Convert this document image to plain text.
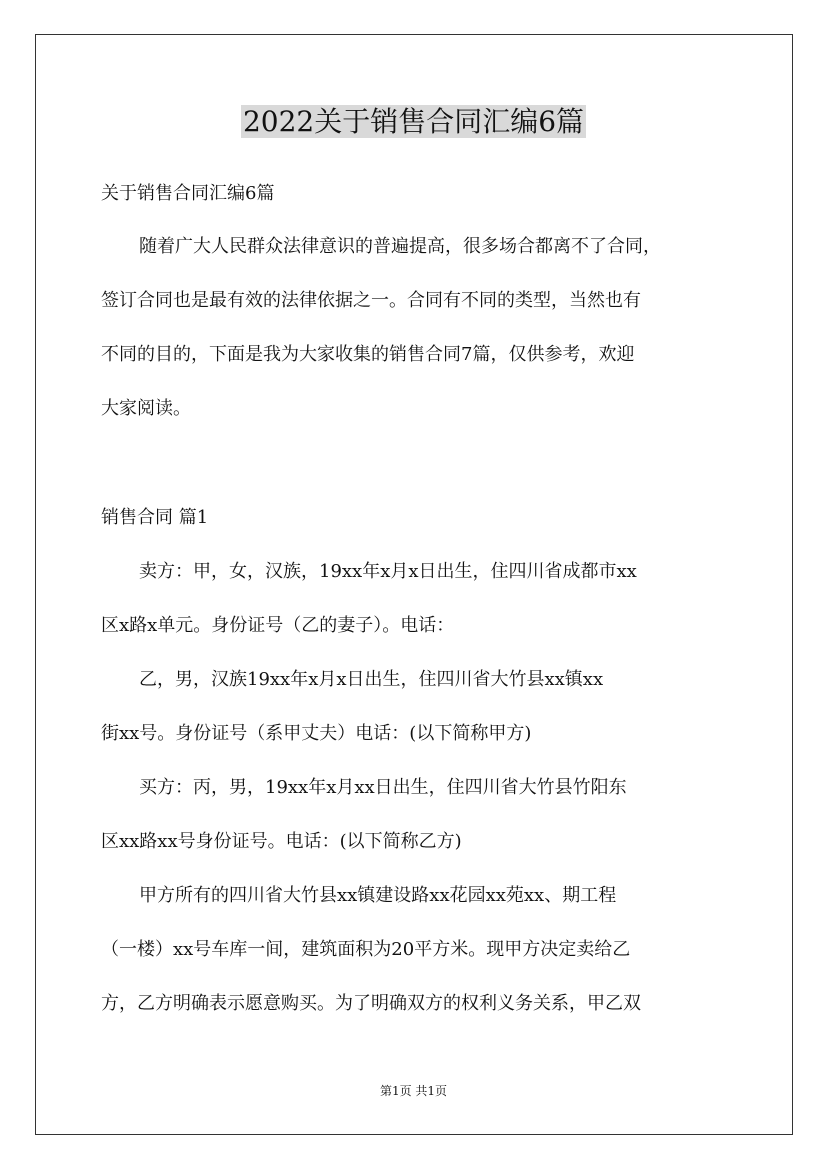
2022关于销售合同汇编6篇
关于销售合同汇编6篇

随着广大人民群众法律意识的普遍提高，很多场合都离不了合同，

签订合同也是最有效的法律依据之一。合同有不同的类型，当然也有

不同的目的，下面是我为大家收集的销售合同7篇，仅供参考，欢迎

大家阅读。

销售合同 篇1

卖方：甲，女，汉族，19xx年x月x日出生，住四川省成都市xx

区x路x单元。身份证号（乙的妻子）。电话：

乙，男，汉族19xx年x月x日出生，住四川省大竹县xx镇xx

街xx号。身份证号（系甲丈夫）电话：(以下简称甲方)

买方：丙，男，19xx年x月xx日出生，住四川省大竹县竹阳东

区xx路xx号身份证号。电话：(以下简称乙方)

甲方所有的四川省大竹县xx镇建设路xx花园xx苑xx、期工程

（一楼）xx号车库一间，建筑面积为20平方米。现甲方决定卖给乙

方，乙方明确表示愿意购买。为了明确双方的权利义务关系，甲乙双

第1页 共1页
